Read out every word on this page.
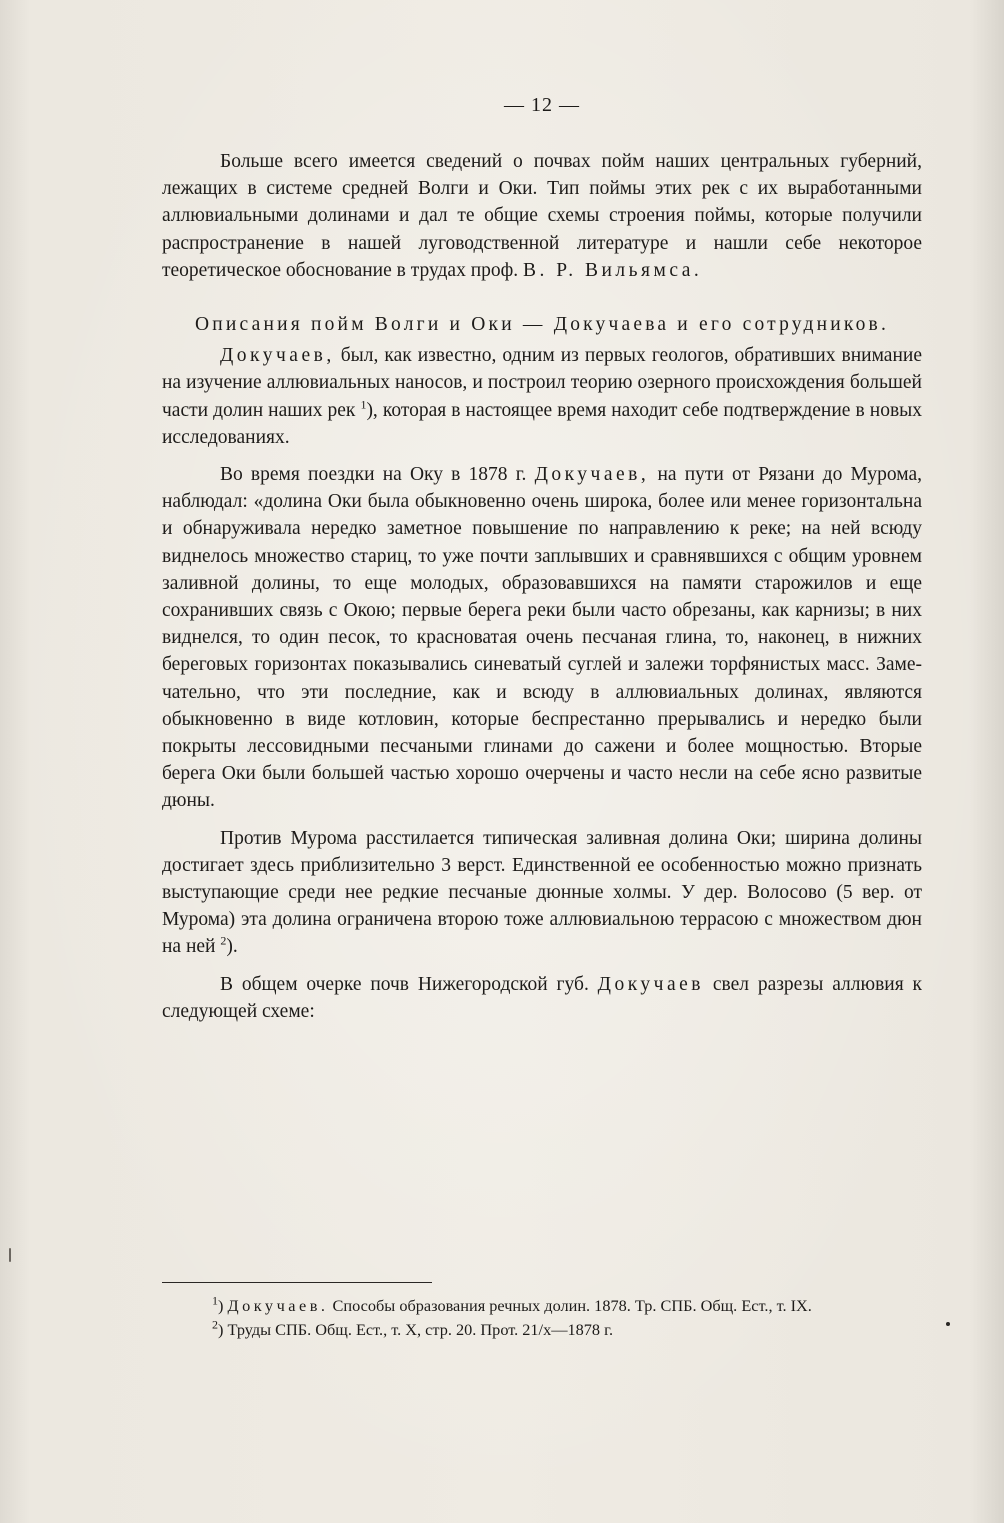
— 12 —

Больше всего имеется сведений о почвах пойм наших центральных губерний, лежащих в системе средней Волги и Оки. Тип поймы этих рек с их выработанными аллювиальными долинами и дал те общие схемы строения поймы, которые получили распространение в нашей луговодственной литературе и нашли себе некоторое теоретическое обоснование в трудах проф. В. Р. Вильямса.

Описания пойм Волги и Оки — Докучаева и его сотрудников.

Докучаев, был, как известно, одним из первых геологов, обративших внимание на изучение аллювиальных наносов, и построил теорию озерного происхождения большей части долин наших рек $^1$), которая в настоящее время находит себе подтверждение в новых исследованиях.

Во время поездки на Оку в 1878 г. Докучаев, на пути от Рязани до Мурома, наблюдал: «долина Оки была обыкновенно очень широка, более или менее горизонтальна и обнаруживала нередко заметное повышение по направлению к реке; на ней всюду виднелось множество стариц, то уже почти заплывших и сравнявшихся с общим уровнем заливной долины, то еще молодых, образовавшихся на памяти старожилов и еще сохранивших связь с Окою; первые берега реки были часто обрезаны, как карнизы; в них виднелся, то один песок, то красноватая очень песчаная глина, то, наконец, в нижних береговых горизонтах показывались синеватый суглей и залежи торфянистых масс. Замечательно, что эти последние, как и всюду в аллювиальных долинах, являются обыкновенно в виде котловин, которые беспрестанно прерывались и нередко были покрыты лессовидными песчаными глинами до сажени и более мощностью. Вторые берега Оки были большей частью хорошо очерчены и часто несли на себе ясно развитые дюны.

Против Мурома расстилается типическая заливная долина Оки; ширина долины достигает здесь приблизительно 3 верст. Единственной ее особенностью можно признать выступающие среди нее редкие песчаные дюнные холмы. У дер. Волосово (5 вер. от Мурома) эта долина ограничена второю тоже аллювиальною террасою с множеством дюн на ней $^2$).

В общем очерке почв Нижегородской губ. Докучаев свел разрезы аллювия к следующей схеме:

$^1$) Докучаев. Способы образования речных долин. 1878. Тр. СПБ. Общ. Ест., т. IX.

$^2$) Труды СПБ. Общ. Ест., т. X, стр. 20. Прот. 21/x—1878 г.
